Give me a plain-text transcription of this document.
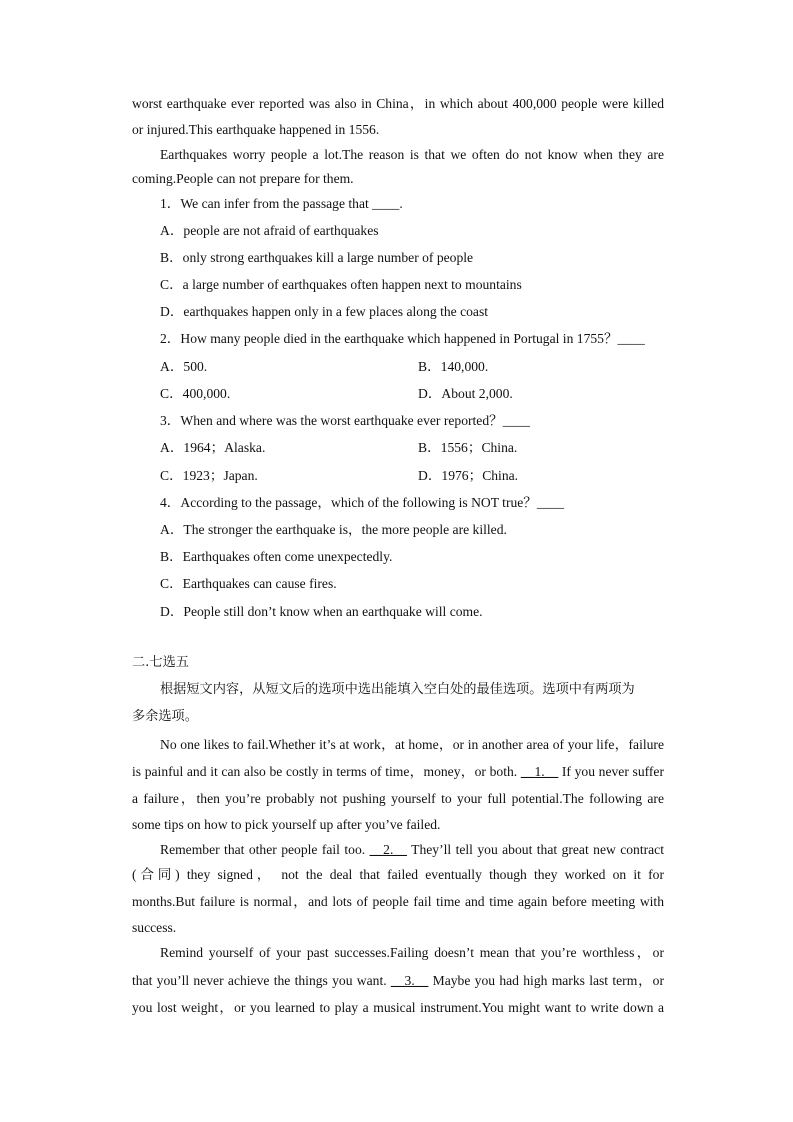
worst earthquake ever reported was also in China，in which about 400,000 people were killed
or injured.This earthquake happened in 1556.
Earthquakes worry people a lot.The reason is that we often do not know when they are
coming.People can not prepare for them.
1．We can infer from the passage that ____.
A．people are not afraid of earthquakes
B．only strong earthquakes kill a large number of people
C．a large number of earthquakes often happen next to mountains
D．earthquakes happen only in a few places along the coast
2．How many people died in the earthquake which happened in Portugal in 1755？____
A．500.	B．140,000.
C．400,000.	D．About 2,000.
3．When and where was the worst earthquake ever reported？____
A．1964；Alaska.	B．1556；China.
C．1923；Japan.	D．1976；China.
4．According to the passage，which of the following is NOT true？____
A．The stronger the earthquake is，the more people are killed.
B．Earthquakes often come unexpectedly.
C．Earthquakes can cause fires.
D．People still don’t know when an earthquake will come.
二.七选五
根据短文内容，从短文后的选项中选出能填入空白处的最佳选项。选项中有两项为
多余选项。
No one likes to fail.Whether it’s at work，at home，or in another area of your life，failure
is painful and it can also be costly in terms of time，money，or both. __1.__ If you never suffer
a failure，then you’re probably not pushing yourself to your full potential.The following are
some tips on how to pick yourself up after you’ve failed.
Remember that other people fail too. __2.__ They’ll tell you about that great new contract
(合同) they signed， not the deal that failed eventually though they worked on it for
months.But failure is normal，and lots of people fail time and time again before meeting with
success.
Remind yourself of your past successes.Failing doesn’t mean that you’re worthless，or
that you’ll never achieve the things you want. __3.__ Maybe you had high marks last term，or
you lost weight，or you learned to play a musical instrument.You might want to write down a
